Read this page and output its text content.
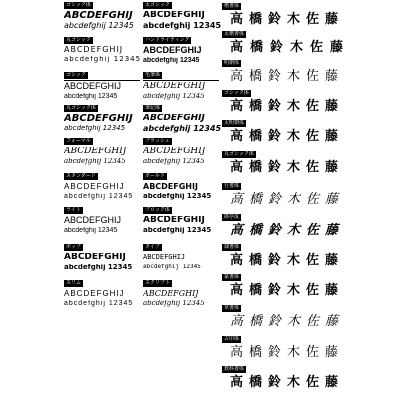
ゴシック体
ABCDEFGHIJ
abcdefghij 12345
太ゴシック
ABCDEFGHIJ
abcdefghij 12345
丸ゴシック
ABCDEFGHIJ
abcdefghij 12345
ハンドライティング
ABCDEFGHIJ
abcdefghij 12345
ゴシック
ABCDEFGHIJ
abcdefghij 12345
毛筆体
ABCDEFGHIJ
abcdefghij 12345
丸ゴシック体
ABCDEFGHIJ
abcdefghij 12345
筆記体
ABCDEFGHIJ
abcdefghij 12345
フォーマル
ABCDEFGHIJ
abcdefghij 12345
ブラッシュ
ABCDEFGHIJ
abcdefghij 12345
スタンダード
ABCDEFGHIJ
abcdefghij 12345
ボールド
ABCDEFGHIJ
abcdefghij 12345
ライト
ABCDEFGHIJ
abcdefghij 12345
ブロック体
ABCDEFGHIJ
abcdefghij 12345
ポップ
ABCDEFGHIJ
abcdefghij 12345
タイプ
ABCDEFGHIJ
abcdefghij 12345
スリム
ABCDEFGHIJ
abcdefghij 12345
スクリプト
ABCDEFGHIJ
abcdefghij 12345
楷書体
高橋鈴木佐藤
太楷書体
高橋鈴木佐藤
明朝体
高橋鈴木佐藤
ゴシック体
高橋鈴木佐藤
太明朝体
高橋鈴木佐藤
丸ゴシック体
高橋鈴木佐藤
行書体
高橋鈴木佐藤
勘亭流
高橋鈴木佐藤
隷書体
高橋鈴木佐藤
篆書体
高橋鈴木佐藤
草書体
高橋鈴木佐藤
古印体
高橋鈴木佐藤
教科書体
高橋鈴木佐藤
